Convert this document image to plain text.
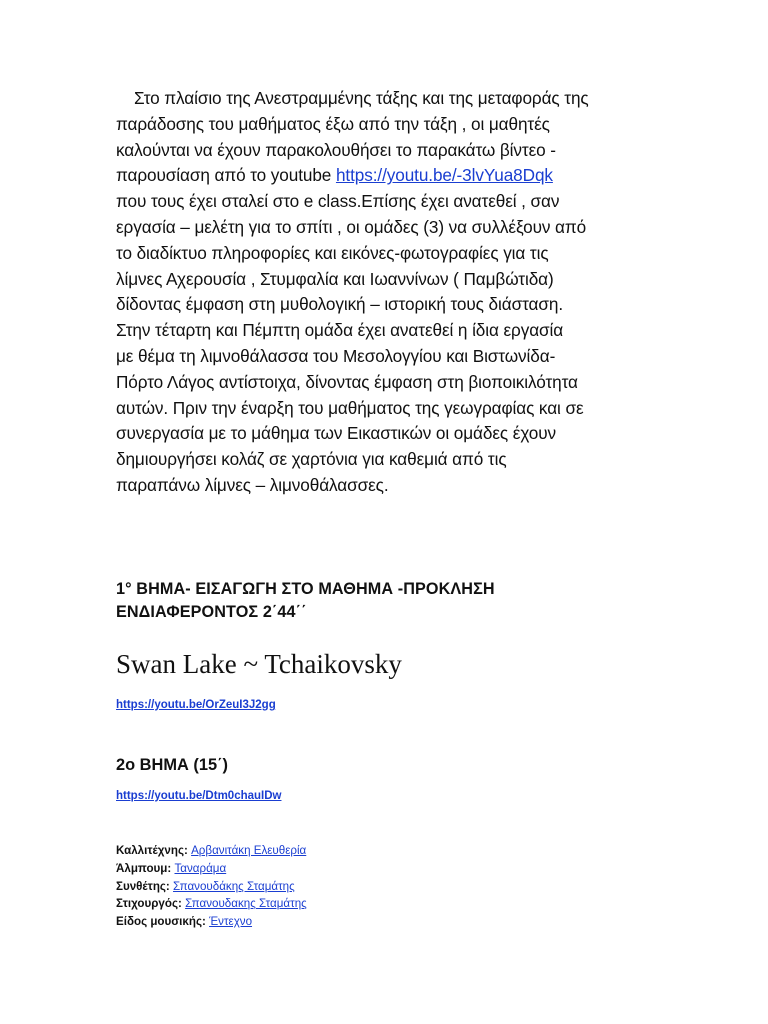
Στο πλαίσιο της Ανεστραμμένης τάξης και της μεταφοράς της
παράδοσης του μαθήματος έξω από την τάξη , οι μαθητές
καλούνται να έχουν παρακολουθήσει το παρακάτω βίντεο -
παρουσίαση από το youtube https://youtu.be/-3lvYua8Dqk
που τους έχει σταλεί στο e class.Επίσης έχει ανατεθεί , σαν
εργασία – μελέτη για το σπίτι , οι ομάδες (3) να συλλέξουν από
το διαδίκτυο πληροφορίες και εικόνες-φωτογραφίες για τις
λίμνες Αχερουσία , Στυμφαλία και Ιωαννίνων ( Παμβώτιδα)
δίδοντας έμφαση στη μυθολογική – ιστορική τους διάσταση.
Στην τέταρτη και Πέμπτη ομάδα έχει ανατεθεί η ίδια εργασία
με θέμα τη λιμνοθάλασσα του Μεσολογγίου και Βιστωνίδα-
Πόρτο Λάγος αντίστοιχα, δίνοντας έμφαση στη βιοποικιλότητα
αυτών. Πριν την έναρξη του μαθήματος της γεωγραφίας και σε
συνεργασία με το μάθημα των Εικαστικών οι ομάδες έχουν
δημιουργήσει κολάζ σε χαρτόνια για καθεμιά από τις
παραπάνω λίμνες – λιμνοθάλασσες.

1° ΒΗΜΑ- ΕΙΣΑΓΩΓΗ ΣΤΟ ΜΑΘΗΜΑ -ΠΡΟΚΛΗΣΗ
ΕΝΔΙΑΦΕΡΟΝΤΟΣ 2΄44΄΄

Swan Lake ~ Tchaikovsky
https://youtu.be/OrZeuI3J2gg

2ο ΒΗΜΑ (15΄)

https://youtu.be/Dtm0chauIDw
Καλλιτέχνης: Αρβανιτάκη Ελευθερία
Άλμπουμ: Ταναράμα
Συνθέτης: Σπανουδάκης Σταμάτης
Στιχουργός: Σπανουδακης Σταμάτης
Είδος μουσικής: Έντεχνο
